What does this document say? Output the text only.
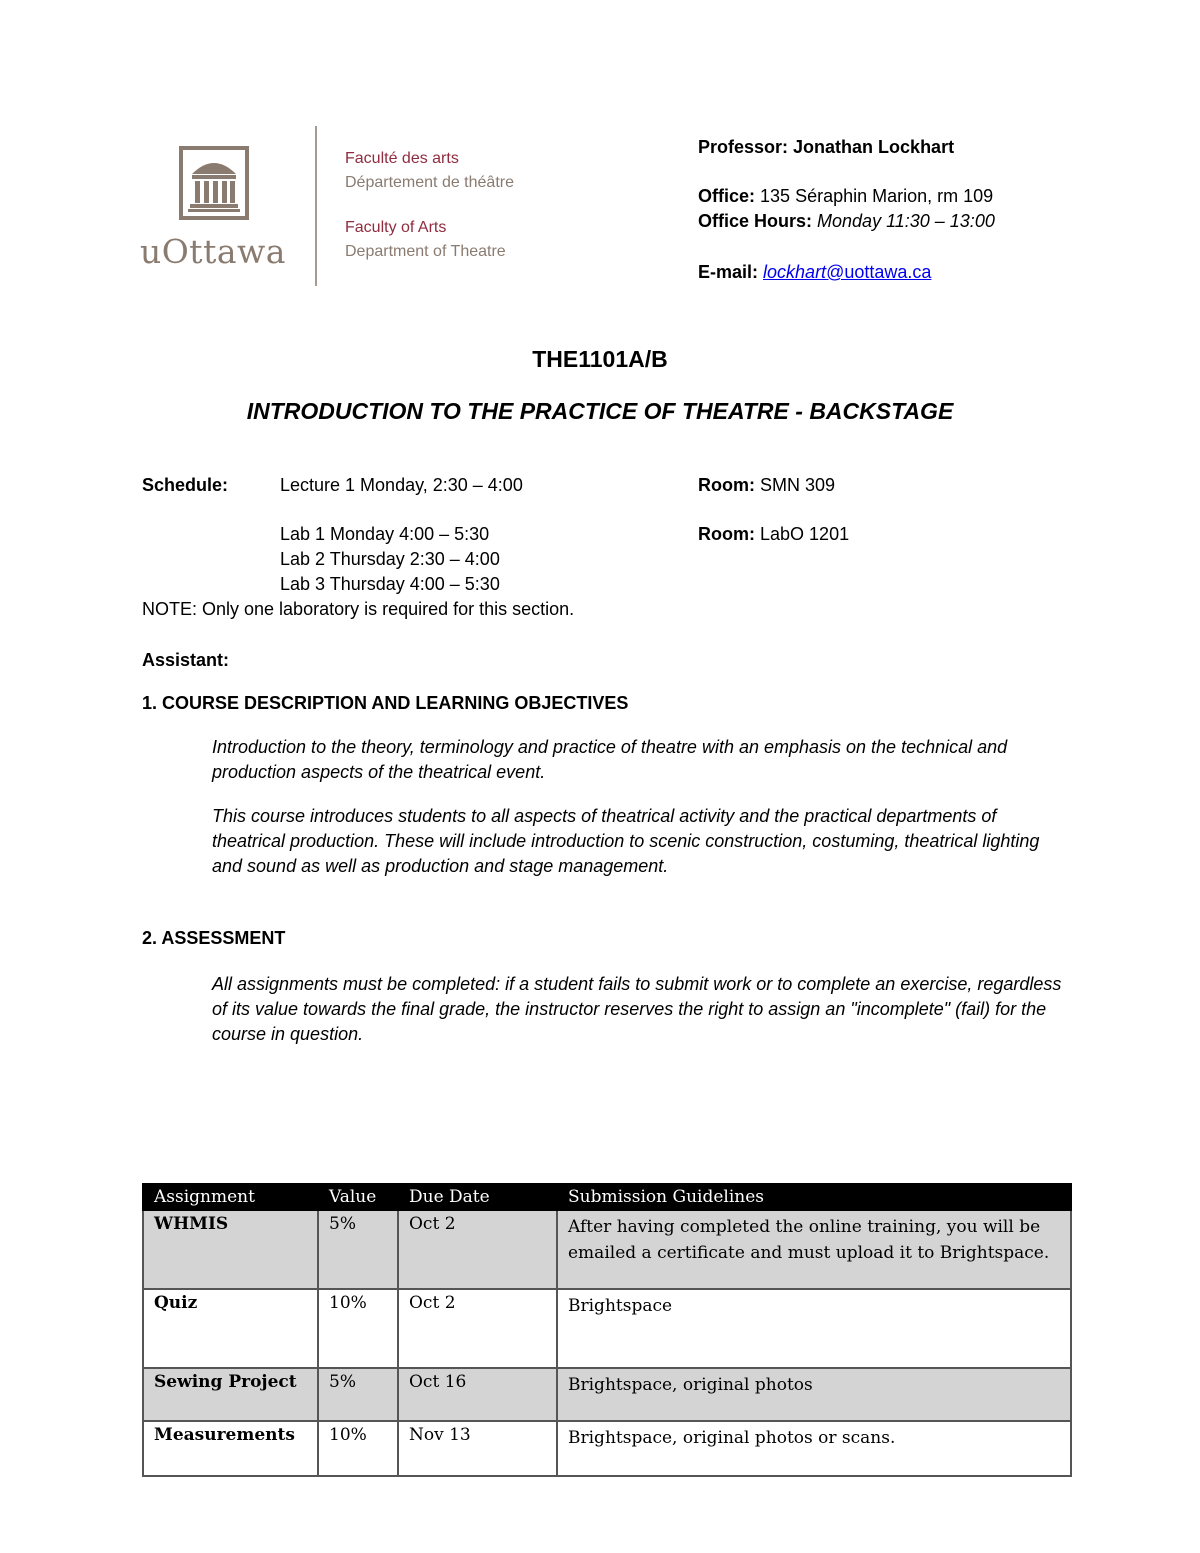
uOttawa
Faculté des arts
Département de théâtre
Faculty of Arts
Department of Theatre
Professor: Jonathan Lockhart
Office: 135 Séraphin Marion, rm 109
Office Hours: Monday 11:30 – 13:00
E-mail: lockhart@uottawa.ca
THE1101A/B
INTRODUCTION TO THE PRACTICE OF THEATRE - BACKSTAGE
Schedule:	Lecture 1 Monday, 2:30 – 4:00	Room: SMN 309
Lab 1 Monday 4:00 – 5:30
Lab 2 Thursday 2:30 – 4:00
Lab 3 Thursday 4:00 – 5:30
Room: LabO 1201
NOTE: Only one laboratory is required for this section.
Assistant:
1. COURSE DESCRIPTION AND LEARNING OBJECTIVES
Introduction to the theory, terminology and practice of theatre with an emphasis on the technical and production aspects of the theatrical event.
This course introduces students to all aspects of theatrical activity and the practical departments of theatrical production. These will include introduction to scenic construction, costuming, theatrical lighting and sound as well as production and stage management.
2. ASSESSMENT
All assignments must be completed: if a student fails to submit work or to complete an exercise, regardless of its value towards the final grade, the instructor reserves the right to assign an "incomplete" (fail) for the course in question.
Assignment	Value	Due Date	Submission Guidelines
WHMIS	5%	Oct 2	After having completed the online training, you will be emailed a certificate and must upload it to Brightspace.
Quiz	10%	Oct 2	Brightspace
Sewing Project	5%	Oct 16	Brightspace, original photos
Measurements	10%	Nov 13	Brightspace, original photos or scans.
